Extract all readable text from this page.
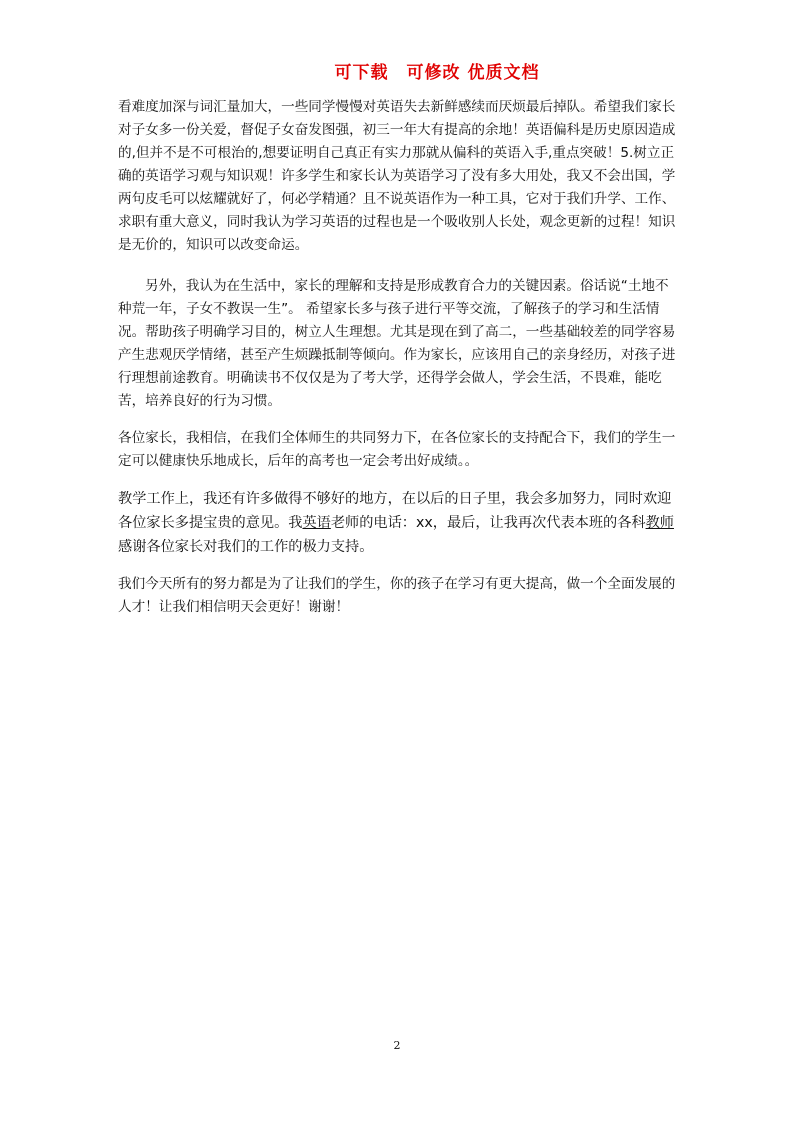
可下载 可修改 优质文档

看难度加深与词汇量加大，一些同学慢慢对英语失去新鲜感续而厌烦最后掉队。希望我们家长对子女多一份关爱，督促子女奋发图强，初三一年大有提高的余地！英语偏科是历史原因造成的,但并不是不可根治的,想要证明自己真正有实力那就从偏科的英语入手,重点突破！5.树立正确的英语学习观与知识观！许多学生和家长认为英语学习了没有多大用处，我又不会出国，学两句皮毛可以炫耀就好了，何必学精通？且不说英语作为一种工具，它对于我们升学、工作、求职有重大意义，同时我认为学习英语的过程也是一个吸收别人长处，观念更新的过程！知识是无价的，知识可以改变命运。

另外，我认为在生活中，家长的理解和支持是形成教育合力的关键因素。俗话说“土地不种荒一年，子女不教误一生”。 希望家长多与孩子进行平等交流，了解孩子的学习和生活情况。帮助孩子明确学习目的，树立人生理想。尤其是现在到了高二，一些基础较差的同学容易产生悲观厌学情绪，甚至产生烦躁抵制等倾向。作为家长，应该用自己的亲身经历，对孩子进行理想前途教育。明确读书不仅仅是为了考大学，还得学会做人，学会生活，不畏难，能吃苦，培养良好的行为习惯。

各位家长，我相信，在我们全体师生的共同努力下，在各位家长的支持配合下，我们的学生一定可以健康快乐地成长，后年的高考也一定会考出好成绩。。

教学工作上，我还有许多做得不够好的地方，在以后的日子里，我会多加努力，同时欢迎各位家长多提宝贵的意见。我英语老师的电话：xx，最后，让我再次代表本班的各科教师感谢各位家长对我们的工作的极力支持。

我们今天所有的努力都是为了让我们的学生，你的孩子在学习有更大提高，做一个全面发展的人才！让我们相信明天会更好！谢谢！

2
